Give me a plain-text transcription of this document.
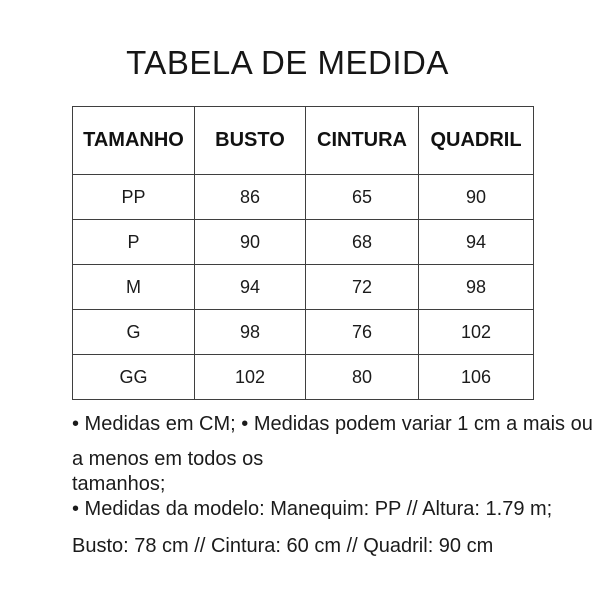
TABELA DE MEDIDA
TAMANHO	BUSTO	CINTURA	QUADRIL
PP	86	65	90
P	90	68	94
M	94	72	98
G	98	76	102
GG	102	80	106

• Medidas em CM; • Medidas podem variar 1 cm a mais ou

a menos em todos os

tamanhos;

• Medidas da modelo: Manequim: PP // Altura: 1.79 m;

Busto: 78 cm // Cintura: 60 cm // Quadril: 90 cm
